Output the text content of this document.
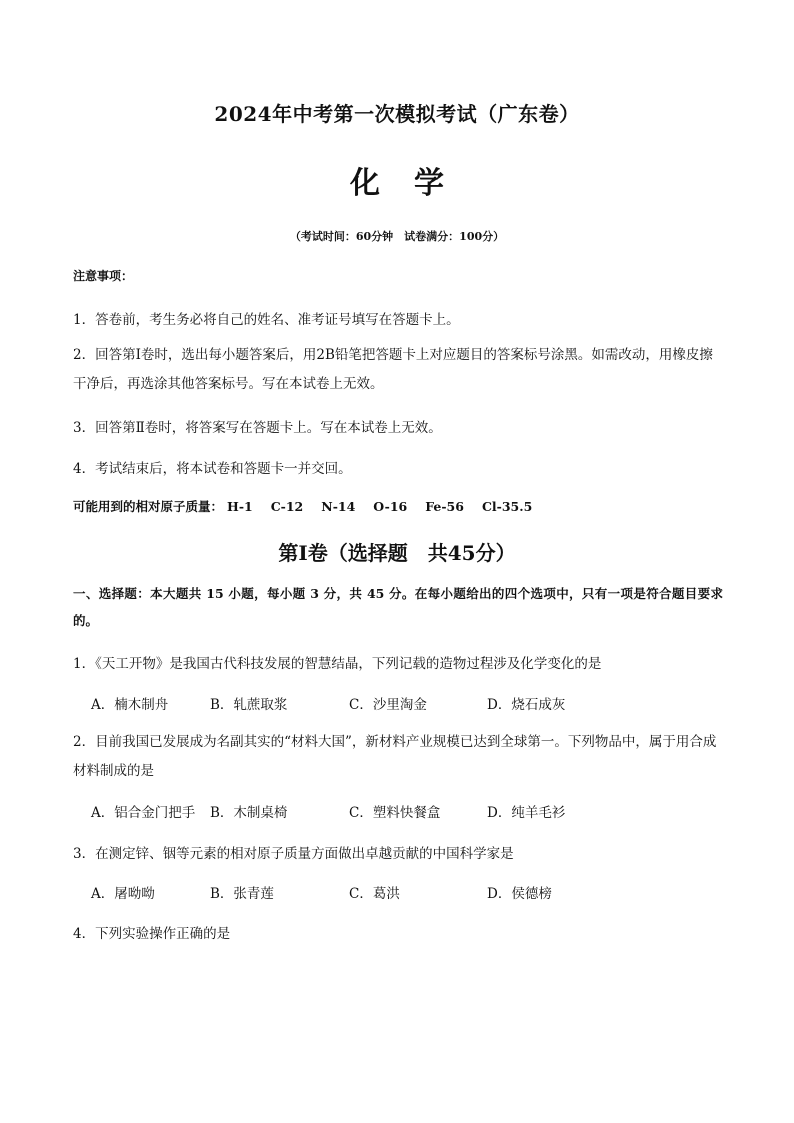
2024年中考第一次模拟考试（广东卷）
化学
（考试时间：60分钟　试卷满分：100分）
注意事项：
1．答卷前，考生务必将自己的姓名、准考证号填写在答题卡上。
2．回答第Ⅰ卷时，选出每小题答案后，用2B铅笔把答题卡上对应题目的答案标号涂黑。如需改动，用橡皮擦干净后，再选涂其他答案标号。写在本试卷上无效。
3．回答第Ⅱ卷时，将答案写在答题卡上。写在本试卷上无效。
4．考试结束后，将本试卷和答题卡一并交回。
可能用到的相对原子质量： H-1 C-12 N-14 O-16 Fe-56 Cl-35.5
第Ⅰ卷（选择题　共45分）
一、选择题：本大题共 15 小题，每小题 3 分，共 45 分。在每小题给出的四个选项中，只有一项是符合题目要求的。
1．《天工开物》是我国古代科技发展的智慧结晶，下列记载的造物过程涉及化学变化的是
A．楠木制舟	B．轧蔗取浆	C．沙里淘金	D．烧石成灰
2．目前我国已发展成为名副其实的“材料大国”，新材料产业规模已达到全球第一。下列物品中，属于用合成材料制成的是
A．铝合金门把手 B．木制桌椅	C．塑料快餐盒	D．纯羊毛衫
3．在测定锌、铟等元素的相对原子质量方面做出卓越贡献的中国科学家是
A．屠呦呦	B．张青莲	C．葛洪	D．侯德榜
4．下列实验操作正确的是
